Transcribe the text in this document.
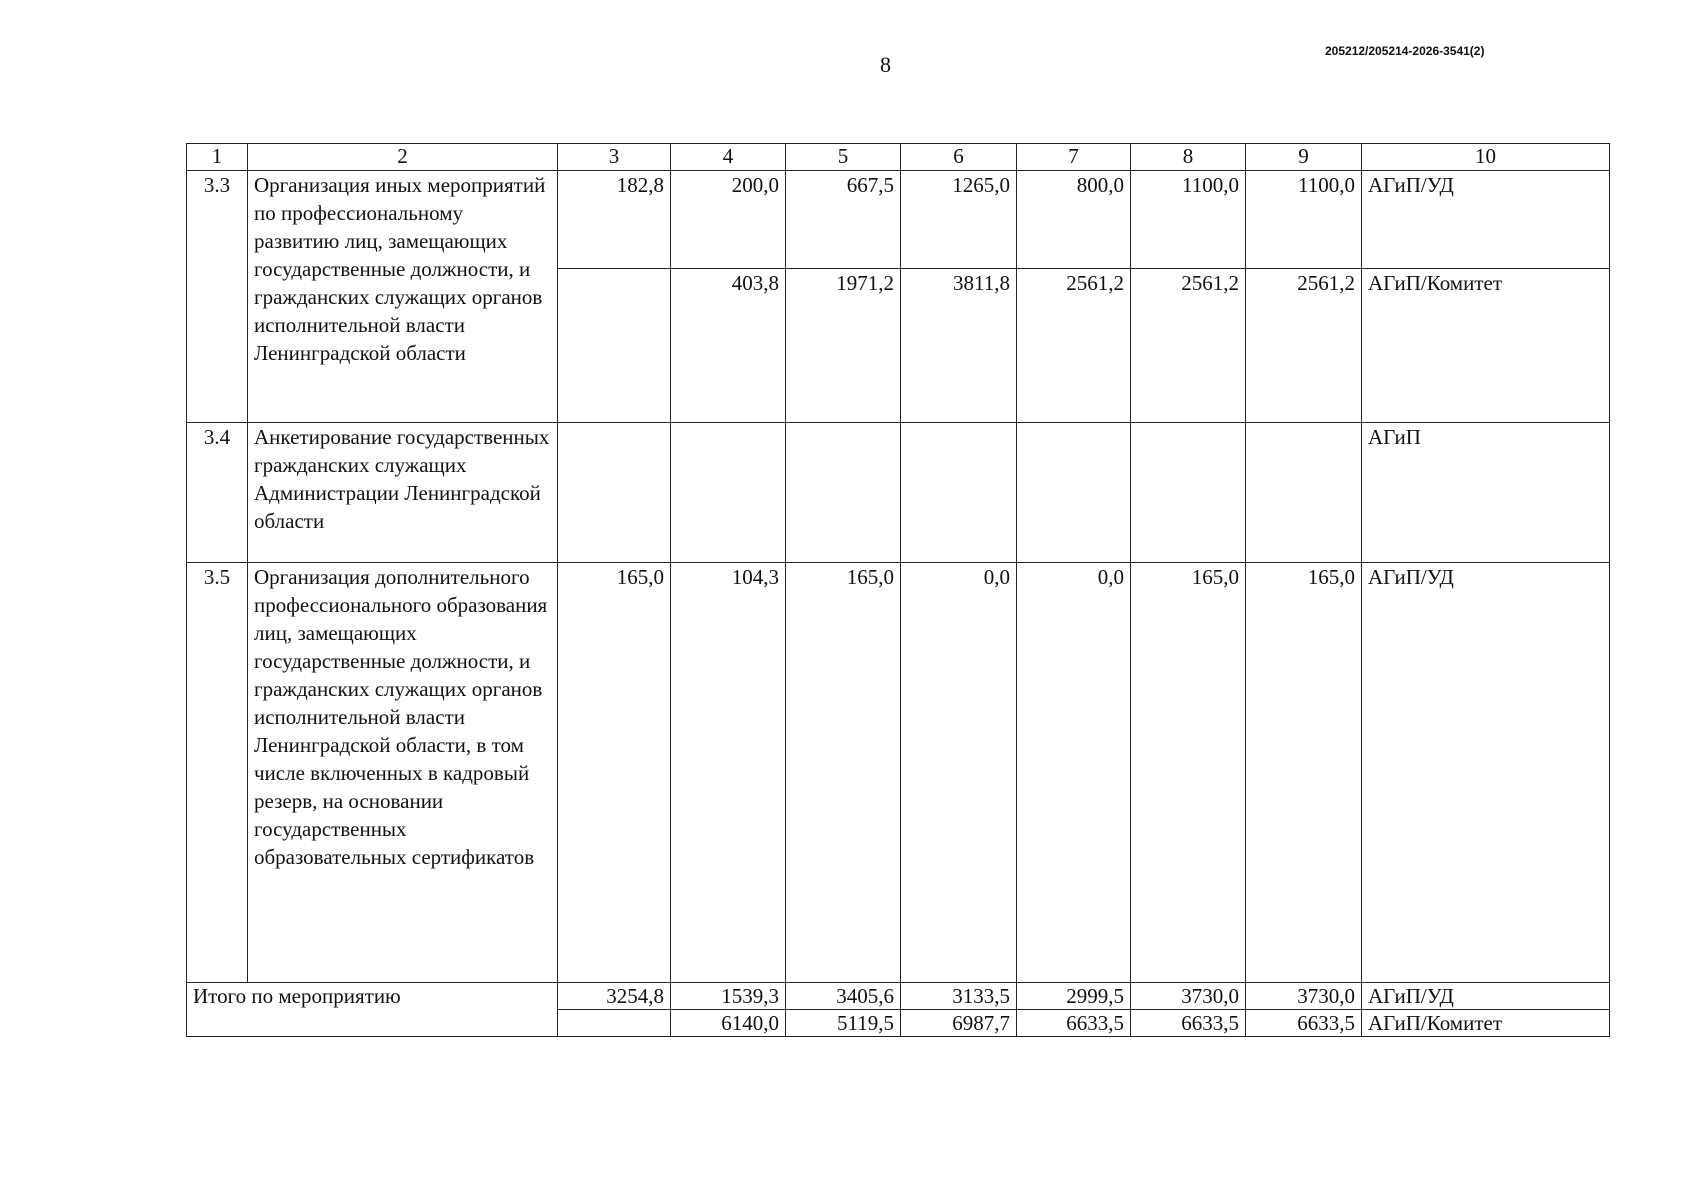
8
205212/205214-2026-3541(2)
1	2	3	4	5	6	7	8	9	10
3.3	Организация иных мероприятий по профессиональному развитию лиц, замещающих государственные должности, и гражданских служащих органов исполнительной власти Ленинградской области	182,8	200,0	667,5	1265,0	800,0	1100,0	1100,0	АГиП/УД
			403,8	1971,2	3811,8	2561,2	2561,2	2561,2	АГиП/Комитет
3.4	Анкетирование государственных гражданских служащих Администрации Ленинградской области								АГиП
3.5	Организация дополнительного профессионального образования лиц, замещающих государственные должности, и гражданских служащих органов исполнительной власти Ленинградской области, в том числе включенных в кадровый резерв, на основании государственных образовательных сертификатов	165,0	104,3	165,0	0,0	0,0	165,0	165,0	АГиП/УД
Итого по мероприятию		3254,8	1539,3	3405,6	3133,5	2999,5	3730,0	3730,0	АГиП/УД
			6140,0	5119,5	6987,7	6633,5	6633,5	6633,5	АГиП/Комитет
